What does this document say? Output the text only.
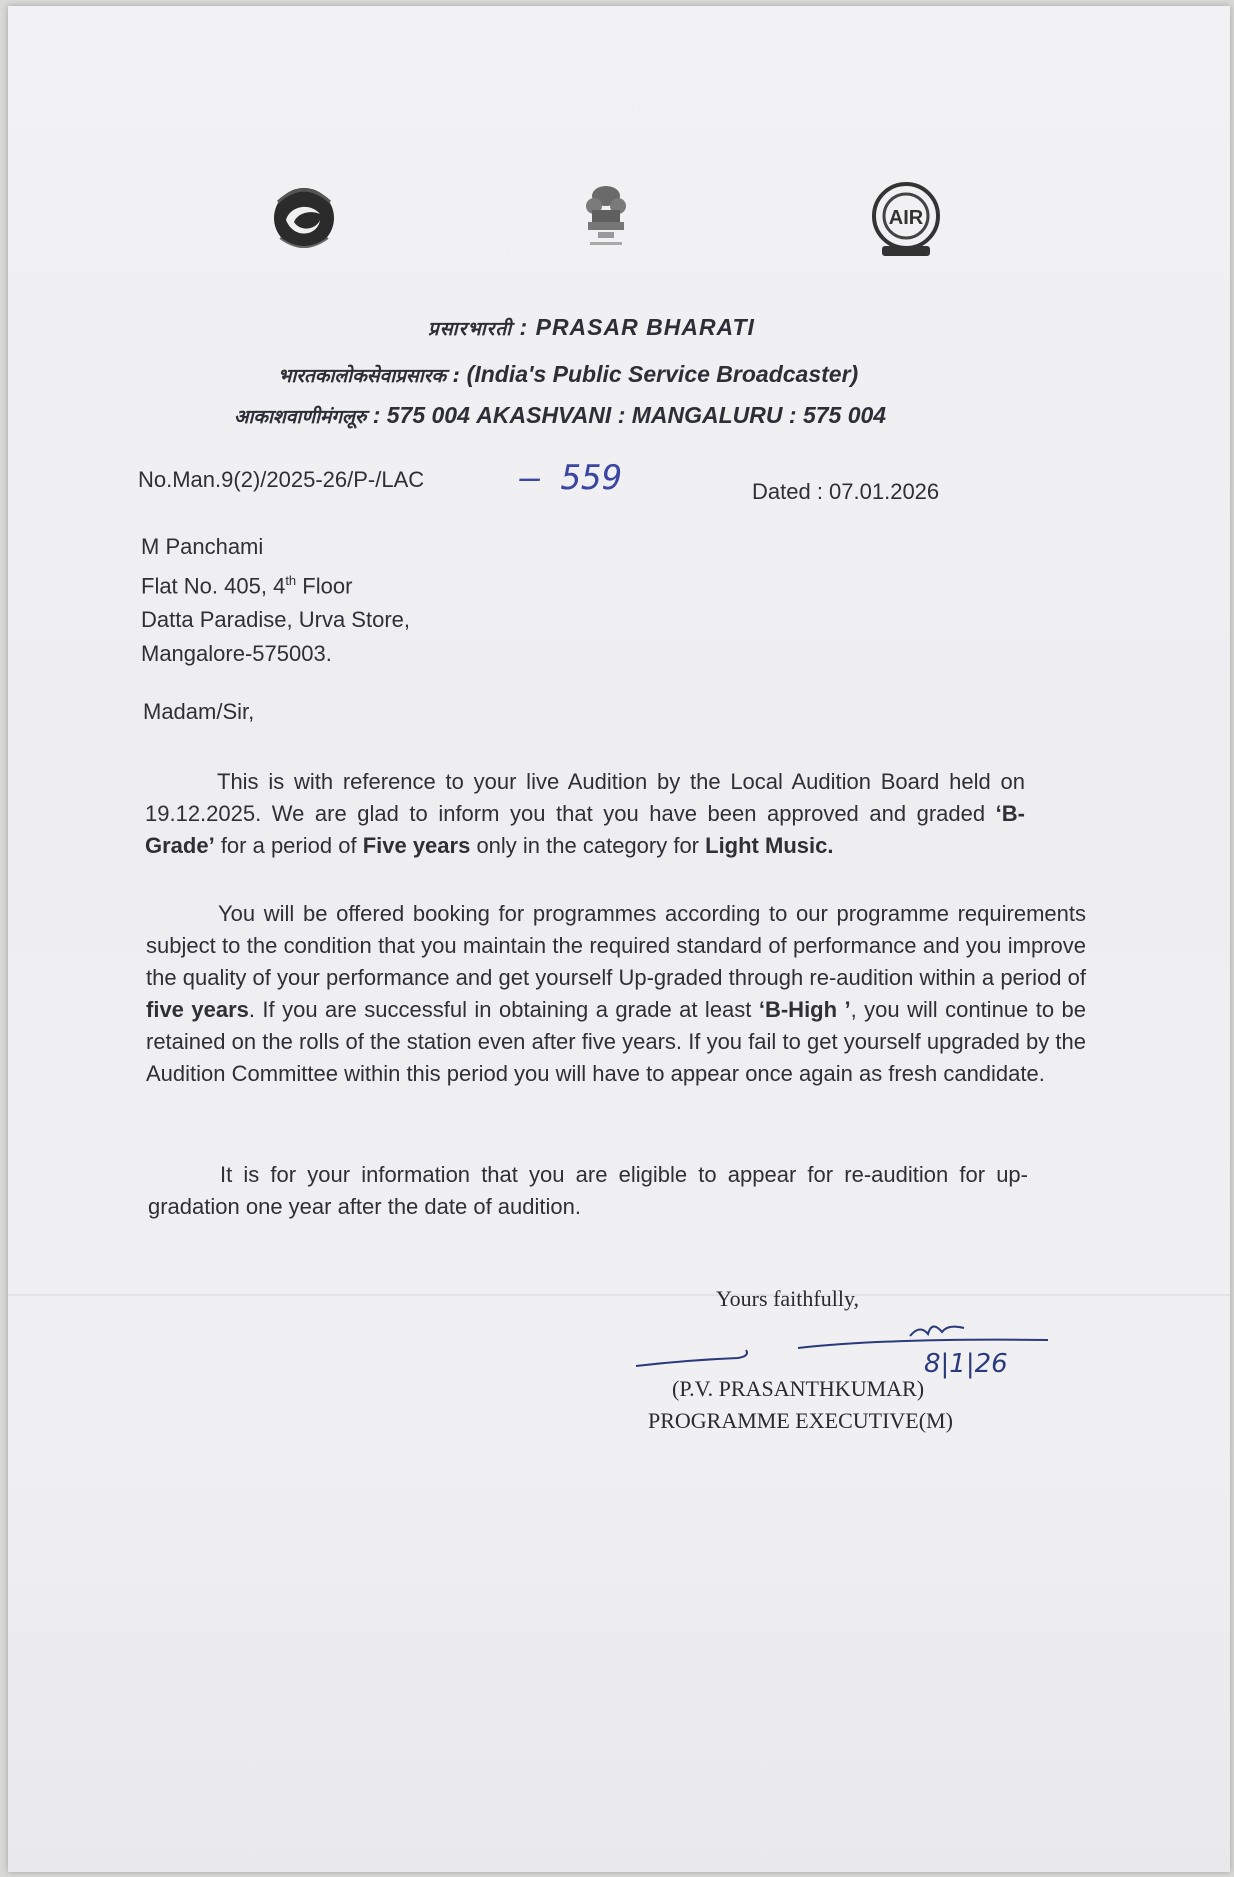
AIR
प्रसारभारती : PRASAR BHARATI
भारतकालोकसेवाप्रसारक : (India's Public Service Broadcaster)
आकाशवाणीमंगलूरु : 575 004 AKASHVANI : MANGALURU : 575 004
No.Man.9(2)/2025-26/P-/LAC	– 559	Dated : 07.01.2026
M Panchami
Flat No. 405, 4th Floor
Datta Paradise, Urva Store,
Mangalore-575003.
Madam/Sir,
This is with reference to your live Audition by the Local Audition Board held on 19.12.2025. We are glad to inform you that you have been approved and graded ‘B-Grade’ for a period of Five years only in the category for Light Music.
You will be offered booking for programmes according to our programme requirements subject to the condition that you maintain the required standard of performance and you improve the quality of your performance and get yourself Up-graded through re-audition within a period of five years. If you are successful in obtaining a grade at least ‘B-High ’, you will continue to be retained on the rolls of the station even after five years. If you fail to get yourself upgraded by the Audition Committee within this period you will have to appear once again as fresh candidate.
It is for your information that you are eligible to appear for re-audition for up-gradation one year after the date of audition.
Yours faithfully,
8|1|26
(P.V. PRASANTHKUMAR)
PROGRAMME EXECUTIVE(M)
